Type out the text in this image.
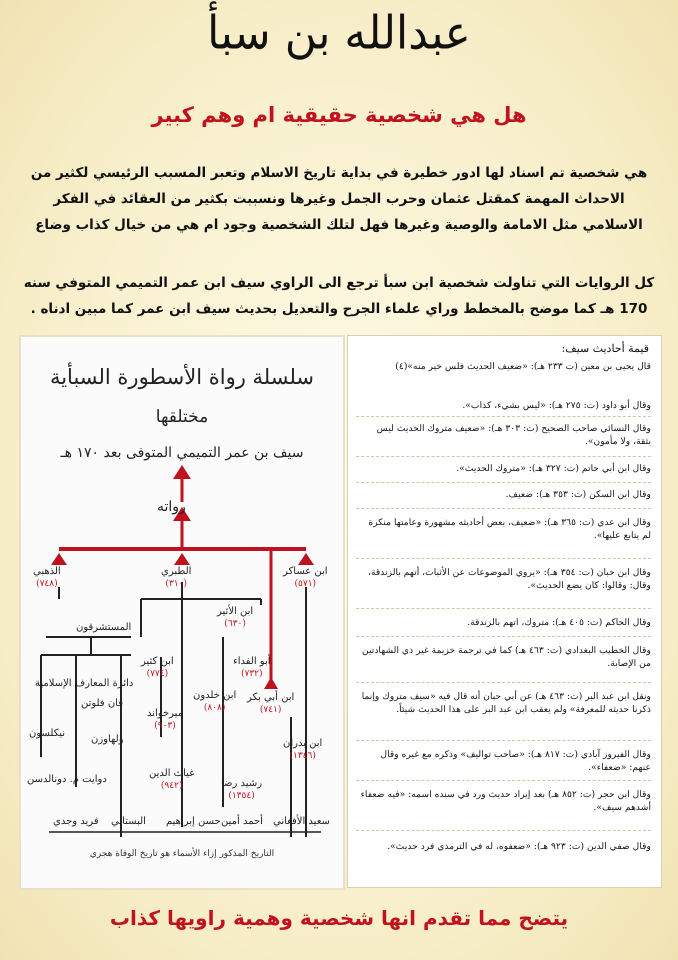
عبدالله بن سبأ
هل هي شخصية حقيقية ام وهم كبير
هي شخصية تم اسناد لها ادور خطيرة في بداية تاريخ الاسلام وتعبر المسبب الرئيسي لكثير من الاحداث المهمة كمقتل عثمان وحرب الجمل وغيرها ونسببت بكثير من العقائد في الفكر الاسلامي مثل الامامة والوصية وغيرها فهل لتلك الشخصية وجود ام هي من خيال كذاب وضاع
كل الروايات التي تناولت شخصية ابن سبأ ترجع الى الراوي سيف ابن عمر التميمي المتوفي سنه 170 هـ كما موضح بالمخطط وراي علماء الجرح والتعديل بحديث سيف ابن عمر كما مبين ادناه .
سلسلة رواة الأسطورة السبأية
مختلقها
سيف بن عمر التميمي المتوفى بعد ١٧٠ هـ
رواته
الذهبي
(٧٤٨)
الطبري
(٣١٠)
ابن عساكر
(٥٧١)
ابن الأثير
(٦٣٠)
المستشرقون
ابن كثير
(٧٧٤)
أبو الفداء
(٧٣٢)
ابن أبي بكر
(٧٤١)
ابن خلدون
(٨٠٨)
ميرخواند
(٩٠٣)
دائرة المعارف الإسلامية
فان فلوتن
نيكلسون
ولهاوزن
دوايت م. دونالدسن
ابن بدران
(١٣٤٦)
غياث الدين
(٩٤٢)	رشيد رضا
(١٣٥٤)
فريد وجدي البستاني حسن إبراهيم أحمد أمين سعيد الأفغاني
التاريخ المذكور إزاء الأسماء هو تاريخ الوفاة هجري
قيمة أحاديث سيف:
قال يحيى بن معين (ت ٢٣٣ هـ): «ضعيف الحديث فلس خير منه»(٤)
وقال أبو داود (ت: ٢٧٥ هـ): «ليس بشيء، كذاب».
وقال النسائي صاحب الصحيح (ت: ٣٠٣ هـ): «ضعيف متروك الحديث ليس بثقة، ولا مأمون».
وقال ابن أبي حاتم (ت: ٣٢٧ هـ): «متروك الحديث».
وقال ابن السكن (ت: ٣٥٣ هـ): ضعيف.
وقال ابن عدي (ت: ٣٦٥ هـ): «ضعيف، بعض أحاديثه مشهورة وعامتها منكرة لم يتابع عليها».
وقال ابن حبان (ت: ٣٥٤ هـ): «يروي الموضوعات عن الأثبات، أتهم بالزندقة، وقال: وقالوا: كان يضع الحديث».
وقال الحاكم (ت: ٤٠٥ هـ): متروك، اتهم بالزندقة.
وقال الخطيب البغدادي (ت: ٤٦٣ هـ) كما في ترجمة خزيمة غير ذي الشهادتين من الإصابة.
ونقل ابن عبد البر (ت: ٤٦٣ هـ) عن أبي حبان أنه قال فيه «سيف متروك وإنما ذكرنا حديثه للمعرفة» ولم يعقب ابن عبد البر على هذا الحديث شيئاً.
وقال الفيروز آبادي (ت: ٨١٧ هـ): «صاحب تواليف» وذكره مع غيره وقال عنهم: «ضعفاء».
وقال ابن حجر (ت: ٨٥٢ هـ) بعد إيراد حديث ورد في سنده اسمه: «فيه ضعفاء أشدهم سيف».
وقال صفي الدين (ت: ٩٢٣ هـ): «ضعفوه، له في الترمذي فرد حديث».
يتضح مما تقدم انها شخصية وهمية راويها كذاب
